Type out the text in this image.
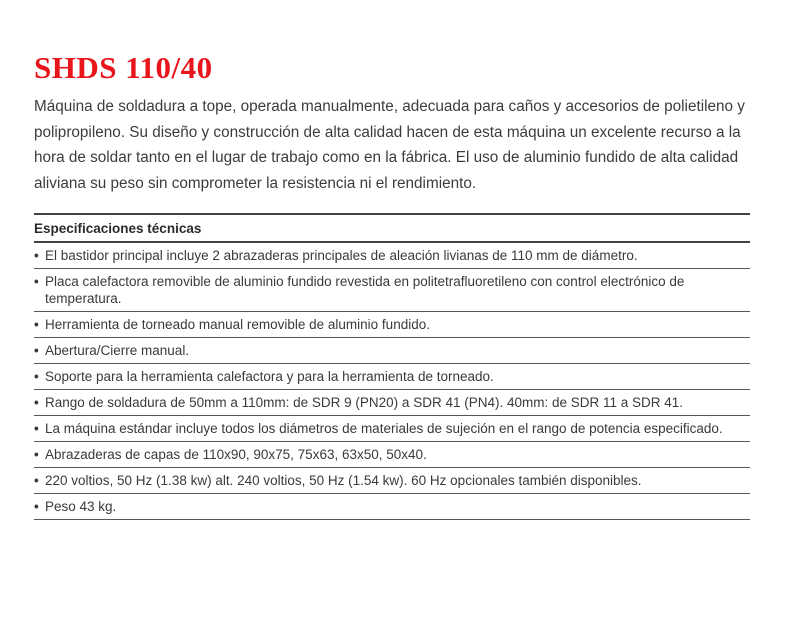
SHDS 110/40

Máquina de soldadura a tope, operada manualmente, adecuada para caños y accesorios de polietileno y polipropileno. Su diseño y construcción de alta calidad hacen de esta máquina un excelente recurso a la hora de soldar tanto en el lugar de trabajo como en la fábrica. El uso de aluminio fundido de alta calidad aliviana su peso sin comprometer la resistencia ni el rendimiento.

Especificaciones técnicas
• El bastidor principal incluye 2 abrazaderas principales de aleación livianas de 110 mm de diámetro.
• Placa calefactora removible de aluminio fundido revestida en politetrafluoretileno con control electrónico de temperatura.
• Herramienta de torneado manual removible de aluminio fundido.
• Abertura/Cierre manual.
• Soporte para la herramienta calefactora y para la herramienta de torneado.
• Rango de soldadura de 50mm a 110mm: de SDR 9 (PN20) a SDR 41 (PN4). 40mm: de SDR 11 a SDR 41.
• La máquina estándar incluye todos los diámetros de materiales de sujeción en el rango de potencia especificado.
• Abrazaderas de capas de 110x90, 90x75, 75x63, 63x50, 50x40.
• 220 voltios, 50 Hz (1.38 kw) alt. 240 voltios, 50 Hz (1.54 kw). 60 Hz opcionales también disponibles.
• Peso 43 kg.
